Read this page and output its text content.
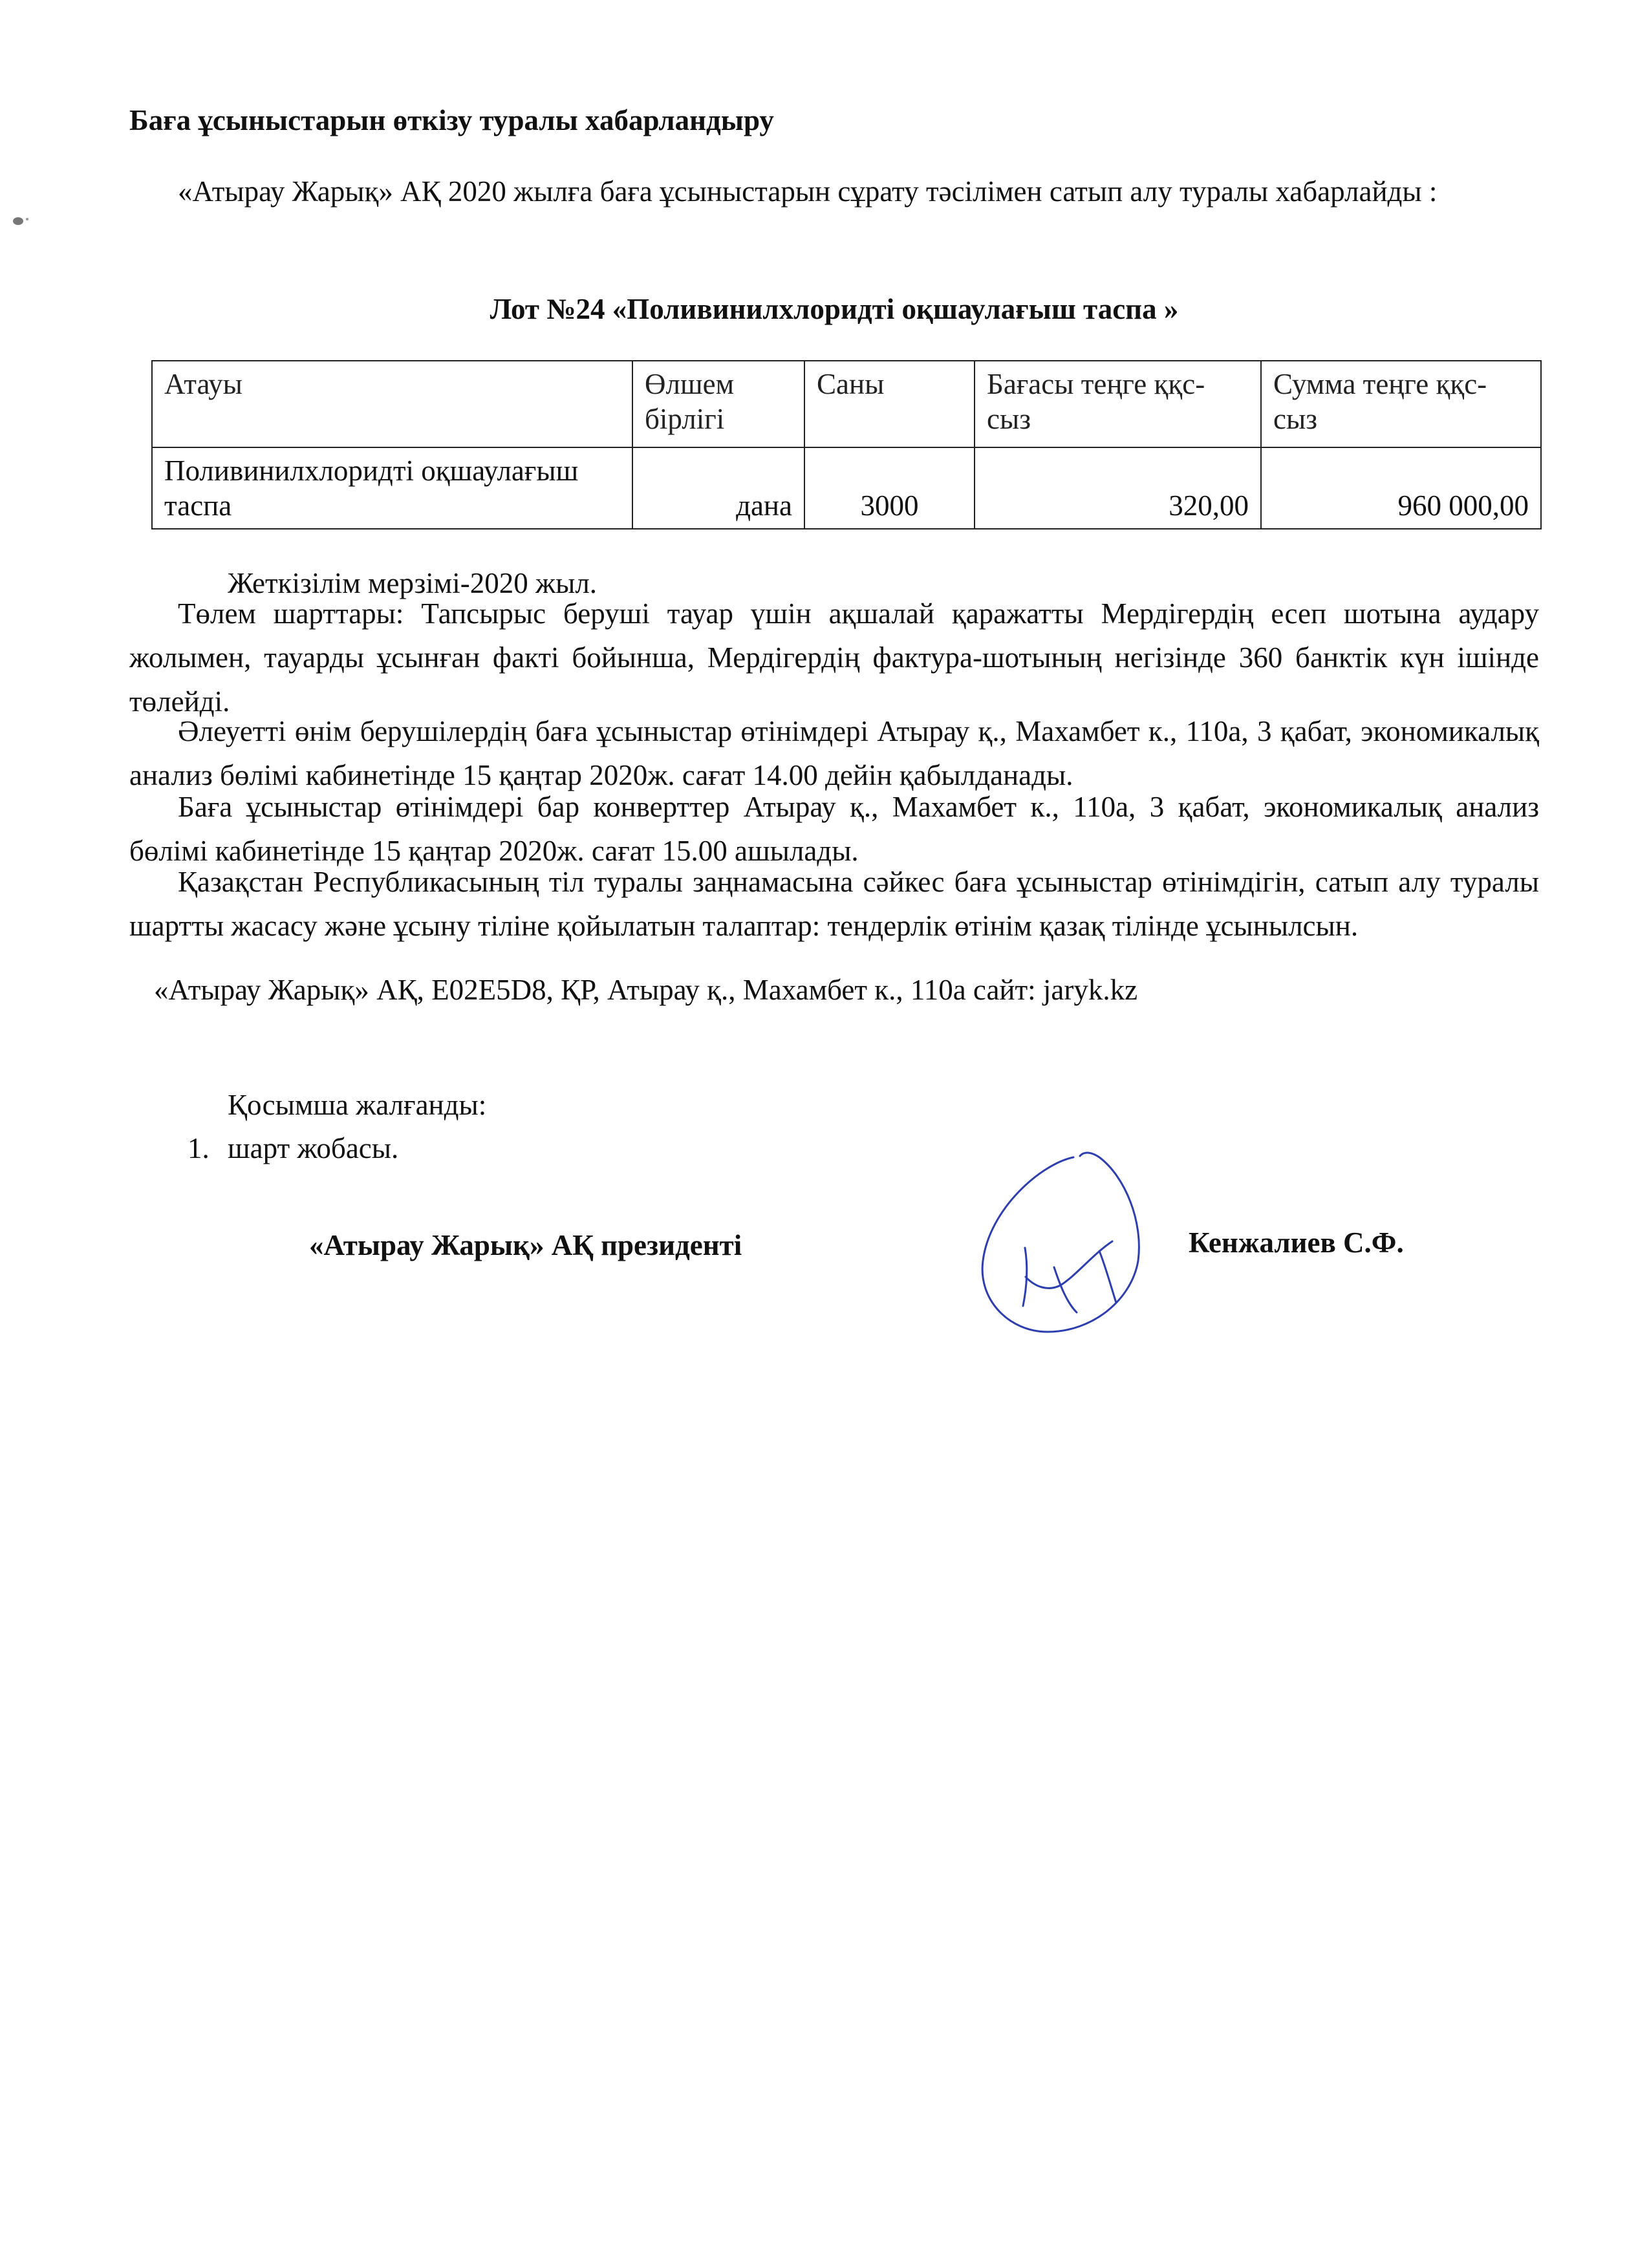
Баға ұсыныстарын өткізу туралы хабарландыру
«Атырау Жарық» АҚ 2020 жылға баға ұсыныстарын сұрату тәсілімен сатып алу туралы хабарлайды :
Лот №24 «Поливинилхлоридті оқшаулағыш таспа »
Атауы	Өлшем бірлігі	Саны	Бағасы теңге ққс-сыз	Сумма теңге ққс-сыз
Поливинилхлоридті оқшаулағыш таспа	дана	3000	320,00	960 000,00
Жеткізілім мерзімі-2020 жыл.
Төлем шарттары: Тапсырыс беруші тауар үшін ақшалай қаражатты Мердігердің есеп шотына аудару жолымен, тауарды ұсынған факті бойынша, Мердігердің фактура-шотының негізінде 360 банктік күн ішінде төлейді.
Әлеуетті өнім берушілердің баға ұсыныстар өтінімдері Атырау қ., Махамбет к., 110а, 3 қабат, экономикалық анализ бөлімі кабинетінде 15 қаңтар 2020ж. сағат 14.00 дейін қабылданады.
Баға ұсыныстар өтінімдері бар конверттер Атырау қ., Махамбет к., 110а, 3 қабат, экономикалық анализ бөлімі кабинетінде 15 қаңтар 2020ж. сағат 15.00 ашылады.
Қазақстан Республикасының тіл туралы заңнамасына сәйкес баға ұсыныстар өтінімдігін, сатып алу туралы шартты жасасу және ұсыну тіліне қойылатын талаптар: тендерлік өтінім қазақ тілінде ұсынылсын.
«Атырау Жарық» АҚ, Е02Е5D8, ҚР, Атырау қ., Махамбет к., 110а сайт: jaryk.kz
Қосымша жалғанды:
1. шарт жобасы.
«Атырау Жарық» АҚ президенті	Кенжалиев С.Ф.
